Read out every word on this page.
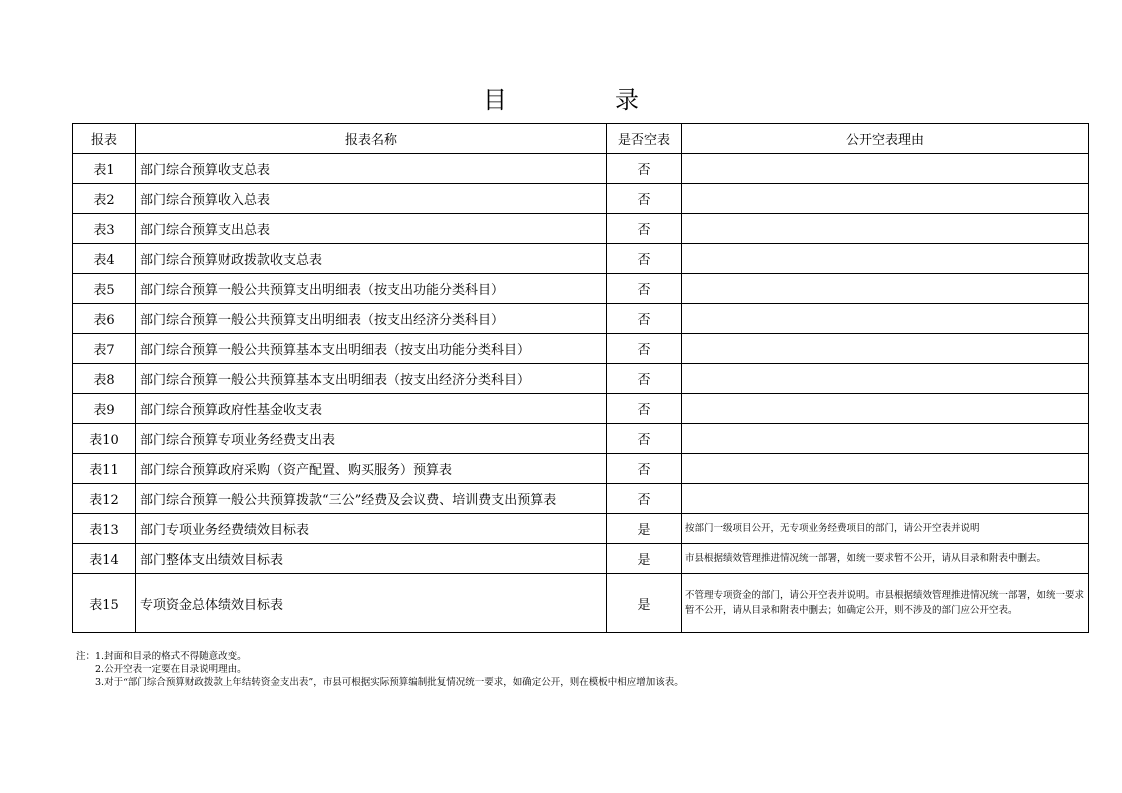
目　录
报表	报表名称	是否空表	公开空表理由
表1	部门综合预算收支总表	否	
表2	部门综合预算收入总表	否	
表3	部门综合预算支出总表	否	
表4	部门综合预算财政拨款收支总表	否	
表5	部门综合预算一般公共预算支出明细表（按支出功能分类科目）	否	
表6	部门综合预算一般公共预算支出明细表（按支出经济分类科目）	否	
表7	部门综合预算一般公共预算基本支出明细表（按支出功能分类科目）	否	
表8	部门综合预算一般公共预算基本支出明细表（按支出经济分类科目）	否	
表9	部门综合预算政府性基金收支表	否	
表10	部门综合预算专项业务经费支出表	否	
表11	部门综合预算政府采购（资产配置、购买服务）预算表	否	
表12	部门综合预算一般公共预算拨款“三公”经费及会议费、培训费支出预算表	否	
表13	部门专项业务经费绩效目标表	是	按部门一级项目公开，无专项业务经费项目的部门，请公开空表并说明
表14	部门整体支出绩效目标表	是	市县根据绩效管理推进情况统一部署，如统一要求暂不公开，请从目录和附表中删去。
表15	专项资金总体绩效目标表	是	不管理专项资金的部门，请公开空表并说明。市县根据绩效管理推进情况统一部署，如统一要求暂不公开，请从目录和附表中删去；如确定公开，则不涉及的部门应公开空表。
注：1.封面和目录的格式不得随意改变。
2.公开空表一定要在目录说明理由。
3.对于“部门综合预算财政拨款上年结转资金支出表”，市县可根据实际预算编制批复情况统一要求，如确定公开，则在模板中相应增加该表。
